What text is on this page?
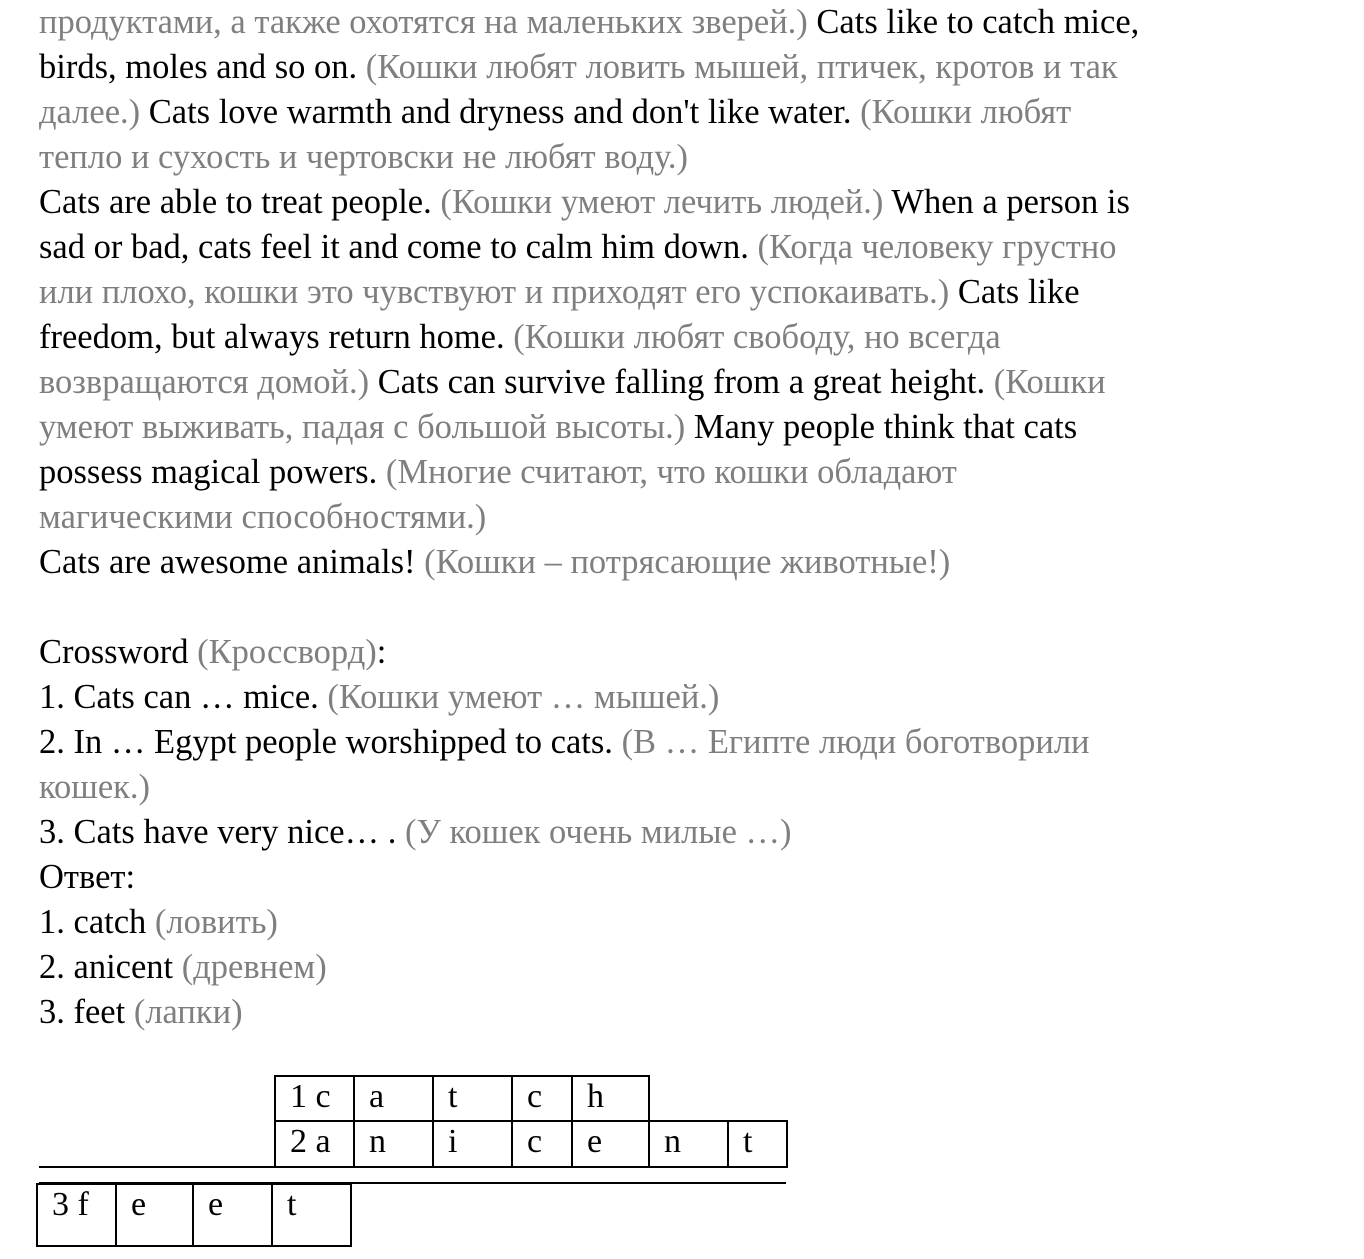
продуктами, а также охотятся на маленьких зверей.) Cats like to catch mice,
birds, moles and so on. (Кошки любят ловить мышей, птичек, кротов и так
далее.) Cats love warmth and dryness and don't like water. (Кошки любят
тепло и сухость и чертовски не любят воду.)
Cats are able to treat people. (Кошки умеют лечить людей.) When a person is
sad or bad, cats feel it and come to calm him down. (Когда человеку грустно
или плохо, кошки это чувствуют и приходят его успокаивать.) Cats like
freedom, but always return home. (Кошки любят свободу, но всегда
возвращаются домой.) Cats can survive falling from a great height. (Кошки
умеют выживать, падая с большой высоты.) Many people think that cats
possess magical powers. (Многие считают, что кошки обладают
магическими способностями.)
Cats are awesome animals! (Кошки – потрясающие животные!)

Crossword (Кроссворд):
1. Cats can … mice. (Кошки умеют … мышей.)
2. In … Egypt people worshipped to cats. (В … Египте люди боготворили
кошек.)
3. Cats have very nice… . (У кошек очень милые …)
Ответ:
1. catch (ловить)
2. anicent (древнем)
3. feet (лапки)
1 c	a	t	c	h
2 a	n	i	c	e	n	t
3 f	e	e	t
